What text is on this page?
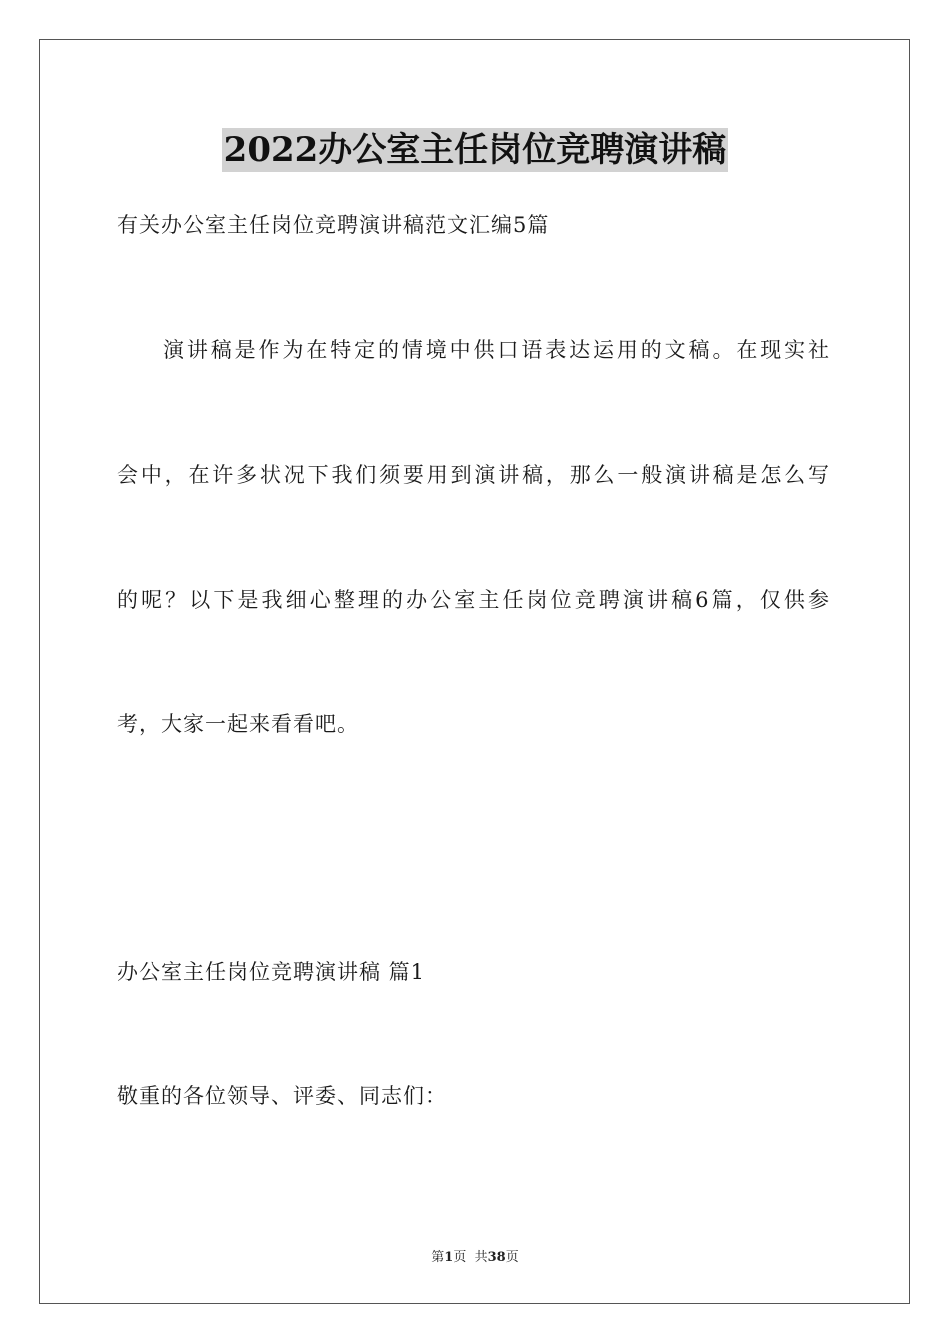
2022办公室主任岗位竞聘演讲稿
有关办公室主任岗位竞聘演讲稿范文汇编5篇
演讲稿是作为在特定的情境中供口语表达运用的文稿。在现实社
会中，在许多状况下我们须要用到演讲稿，那么一般演讲稿是怎么写
的呢？以下是我细心整理的办公室主任岗位竞聘演讲稿6篇，仅供参
考，大家一起来看看吧。
办公室主任岗位竞聘演讲稿 篇1
敬重的各位领导、评委、同志们：
第1页  共38页
